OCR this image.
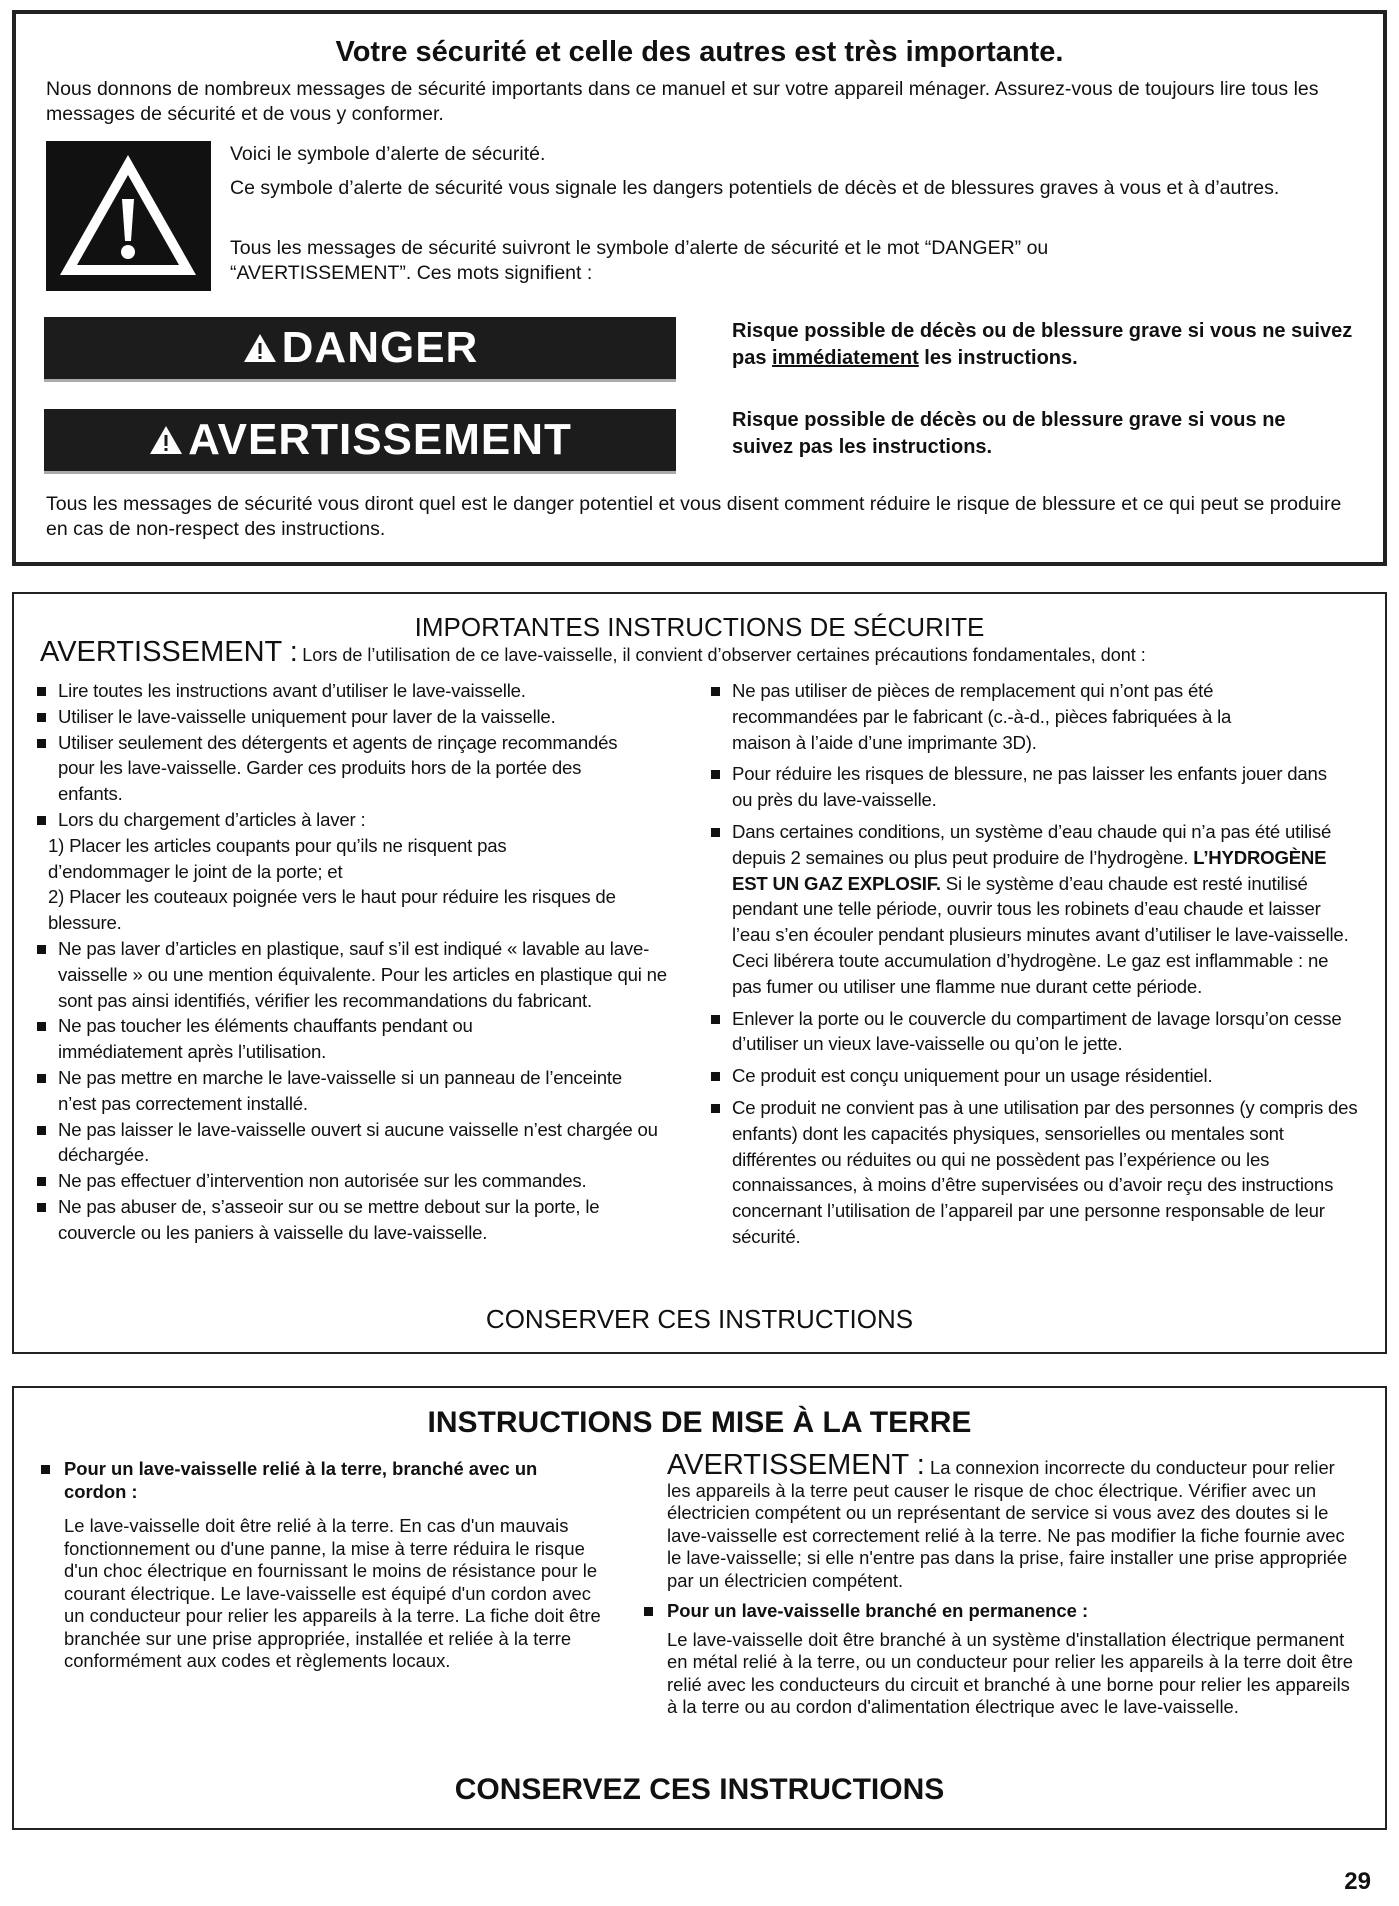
Votre sécurité et celle des autres est très importante.
Nous donnons de nombreux messages de sécurité importants dans ce manuel et sur votre appareil ménager. Assurez-vous de toujours lire tous les messages de sécurité et de vous y conformer.
Voici le symbole d’alerte de sécurité.
Ce symbole d’alerte de sécurité vous signale les dangers potentiels de décès et de blessures graves à vous et à d’autres.
Tous les messages de sécurité suivront le symbole d’alerte de sécurité et le mot “DANGER” ou “AVERTISSEMENT”. Ces mots signifient :
DANGER	Risque possible de décès ou de blessure grave si vous ne suivez pas immédiatement les instructions.
AVERTISSEMENT	Risque possible de décès ou de blessure grave si vous ne suivez pas les instructions.
Tous les messages de sécurité vous diront quel est le danger potentiel et vous disent comment réduire le risque de blessure et ce qui peut se produire en cas de non-respect des instructions.
IMPORTANTES INSTRUCTIONS DE SÉCURITE
AVERTISSEMENT : Lors de l’utilisation de ce lave-vaisselle, il convient d’observer certaines précautions fondamentales, dont :
Lire toutes les instructions avant d’utiliser le lave-vaisselle.
Utiliser le lave-vaisselle uniquement pour laver de la vaisselle.
Utiliser seulement des détergents et agents de rinçage recommandés pour les lave-vaisselle. Garder ces produits hors de la portée des enfants.
Lors du chargement d’articles à laver :
1) Placer les articles coupants pour qu’ils ne risquent pas d’endommager le joint de la porte; et
2) Placer les couteaux poignée vers le haut pour réduire les risques de blessure.
Ne pas laver d’articles en plastique, sauf s’il est indiqué « lavable au lave-vaisselle » ou une mention équivalente. Pour les articles en plastique qui ne sont pas ainsi identifiés, vérifier les recommandations du fabricant.
Ne pas toucher les éléments chauffants pendant ou immédiatement après l’utilisation.
Ne pas mettre en marche le lave-vaisselle si un panneau de l’enceinte n’est pas correctement installé.
Ne pas laisser le lave-vaisselle ouvert si aucune vaisselle n’est chargée ou déchargée.
Ne pas effectuer d’intervention non autorisée sur les commandes.
Ne pas abuser de, s’asseoir sur ou se mettre debout sur la porte, le couvercle ou les paniers à vaisselle du lave-vaisselle.
Ne pas utiliser de pièces de remplacement qui n’ont pas été recommandées par le fabricant (c.-à-d., pièces fabriquées à la maison à l’aide d’une imprimante 3D).
Pour réduire les risques de blessure, ne pas laisser les enfants jouer dans ou près du lave-vaisselle.
Dans certaines conditions, un système d’eau chaude qui n’a pas été utilisé depuis 2 semaines ou plus peut produire de l’hydrogène. L’HYDROGÈNE EST UN GAZ EXPLOSIF. Si le système d’eau chaude est resté inutilisé pendant une telle période, ouvrir tous les robinets d’eau chaude et laisser l’eau s’en écouler pendant plusieurs minutes avant d’utiliser le lave-vaisselle. Ceci libérera toute accumulation d’hydrogène. Le gaz est inflammable : ne pas fumer ou utiliser une flamme nue durant cette période.
Enlever la porte ou le couvercle du compartiment de lavage lorsqu’on cesse d’utiliser un vieux lave-vaisselle ou qu’on le jette.
Ce produit est conçu uniquement pour un usage résidentiel.
Ce produit ne convient pas à une utilisation par des personnes (y compris des enfants) dont les capacités physiques, sensorielles ou mentales sont différentes ou réduites ou qui ne possèdent pas l’expérience ou les connaissances, à moins d’être supervisées ou d’avoir reçu des instructions concernant l’utilisation de l’appareil par une personne responsable de leur sécurité.
CONSERVER CES INSTRUCTIONS
INSTRUCTIONS DE MISE À LA TERRE
Pour un lave-vaisselle relié à la terre, branché avec un cordon :
Le lave-vaisselle doit être relié à la terre. En cas d'un mauvais fonctionnement ou d'une panne, la mise à terre réduira le risque d'un choc électrique en fournissant le moins de résistance pour le courant électrique. Le lave-vaisselle est équipé d'un cordon avec un conducteur pour relier les appareils à la terre. La fiche doit être branchée sur une prise appropriée, installée et reliée à la terre conformément aux codes et règlements locaux.
AVERTISSEMENT : La connexion incorrecte du conducteur pour relier les appareils à la terre peut causer le risque de choc électrique. Vérifier avec un électricien compétent ou un représentant de service si vous avez des doutes si le lave-vaisselle est correctement relié à la terre. Ne pas modifier la fiche fournie avec le lave-vaisselle; si elle n'entre pas dans la prise, faire installer une prise appropriée par un électricien compétent.
Pour un lave-vaisselle branché en permanence :
Le lave-vaisselle doit être branché à un système d'installation électrique permanent en métal relié à la terre, ou un conducteur pour relier les appareils à la terre doit être relié avec les conducteurs du circuit et branché à une borne pour relier les appareils à la terre ou au cordon d'alimentation électrique avec le lave-vaisselle.
CONSERVEZ CES INSTRUCTIONS
29
